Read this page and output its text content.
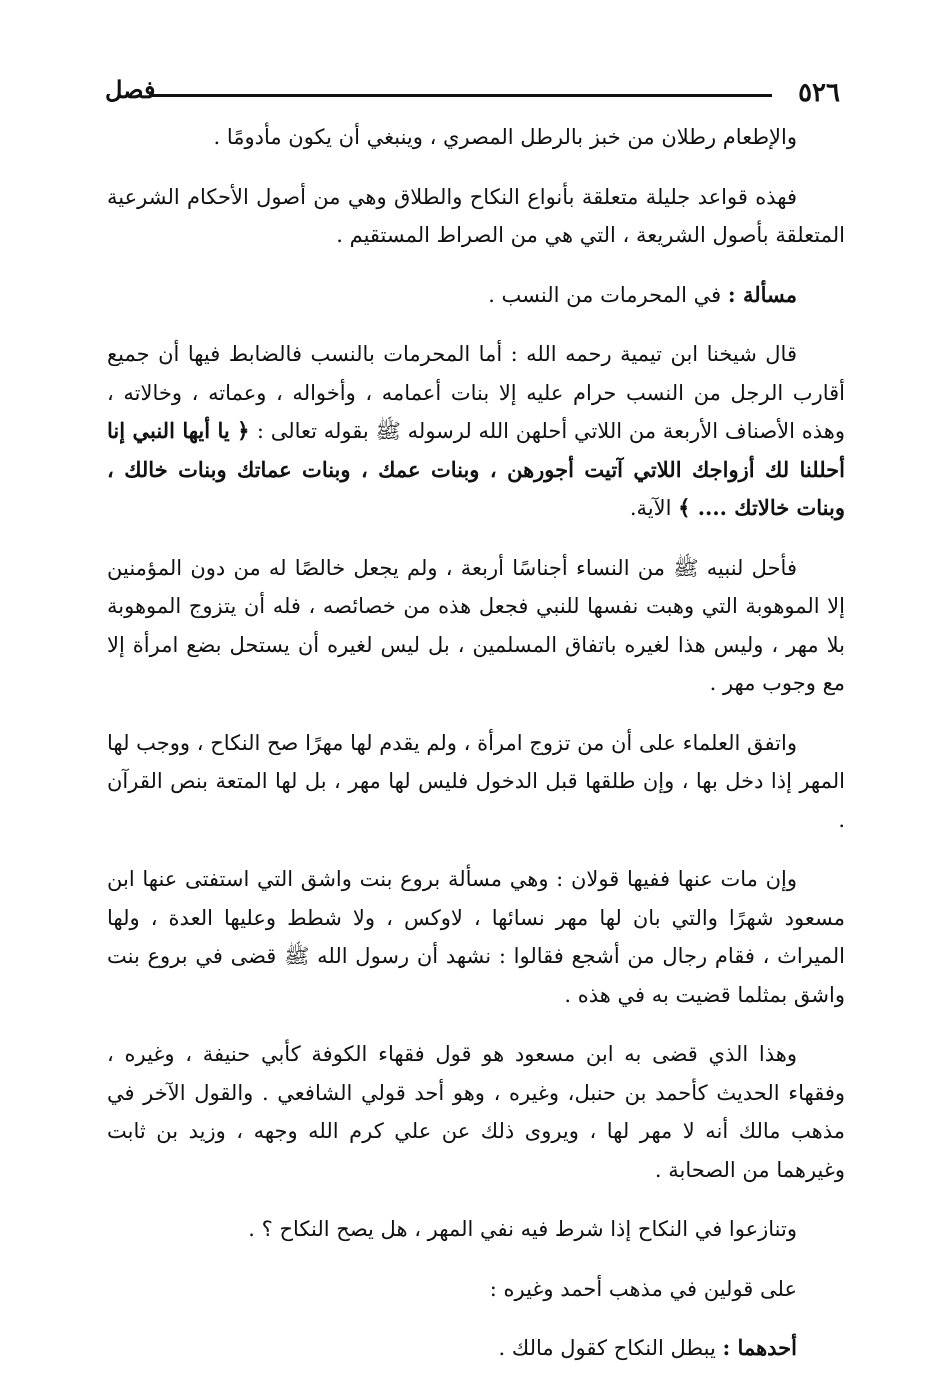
٥٢٦
فصل

والإطعام رطلان من خبز بالرطل المصري ، وينبغي أن يكون مأدومًا .

فهذه قواعد جليلة متعلقة بأنواع النكاح والطلاق وهي من أصول الأحكام الشرعية المتعلقة بأصول الشريعة ، التي هي من الصراط المستقيم .

مسألة : في المحرمات من النسب .

قال شيخنا ابن تيمية رحمه الله : أما المحرمات بالنسب فالضابط فيها أن جميع أقارب الرجل من النسب حرام عليه إلا بنات أعمامه ، وأخواله ، وعماته ، وخالاته ، وهذه الأصناف الأربعة من اللاتي أحلهن الله لرسوله ﷺ بقوله تعالى : ﴿ يا أيها النبي إنا أحللنا لك أزواجك اللاتي آتيت أجورهن ، وبنات عمك ، وبنات عماتك وبنات خالك ، وبنات خالاتك .... ﴾ الآية.

فأحل لنبيه ﷺ من النساء أجناسًا أربعة ، ولم يجعل خالصًا له من دون المؤمنين إلا الموهوبة التي وهبت نفسها للنبي فجعل هذه من خصائصه ، فله أن يتزوج الموهوبة بلا مهر ، وليس هذا لغيره باتفاق المسلمين ، بل ليس لغيره أن يستحل بضع امرأة إلا مع وجوب مهر .

واتفق العلماء على أن من تزوج امرأة ، ولم يقدم لها مهرًا صح النكاح ، ووجب لها المهر إذا دخل بها ، وإن طلقها قبل الدخول فليس لها مهر ، بل لها المتعة بنص القرآن .

وإن مات عنها ففيها قولان : وهي مسألة بروع بنت واشق التي استفتى عنها ابن مسعود شهرًا والتي بان لها مهر نسائها ، لاوكس ، ولا شطط وعليها العدة ، ولها الميراث ، فقام رجال من أشجع فقالوا : نشهد أن رسول الله ﷺ قضى في بروع بنت واشق بمثلما قضيت به في هذه .

وهذا الذي قضى به ابن مسعود هو قول فقهاء الكوفة كأبي حنيفة ، وغيره ، وفقهاء الحديث كأحمد بن حنبل، وغيره ، وهو أحد قولي الشافعي . والقول الآخر في مذهب مالك أنه لا مهر لها ، ويروى ذلك عن علي كرم الله وجهه ، وزيد بن ثابت وغيرهما من الصحابة .

وتنازعوا في النكاح إذا شرط فيه نفي المهر ، هل يصح النكاح ؟ .

على قولين في مذهب أحمد وغيره :

أحدهما : يبطل النكاح كقول مالك .
